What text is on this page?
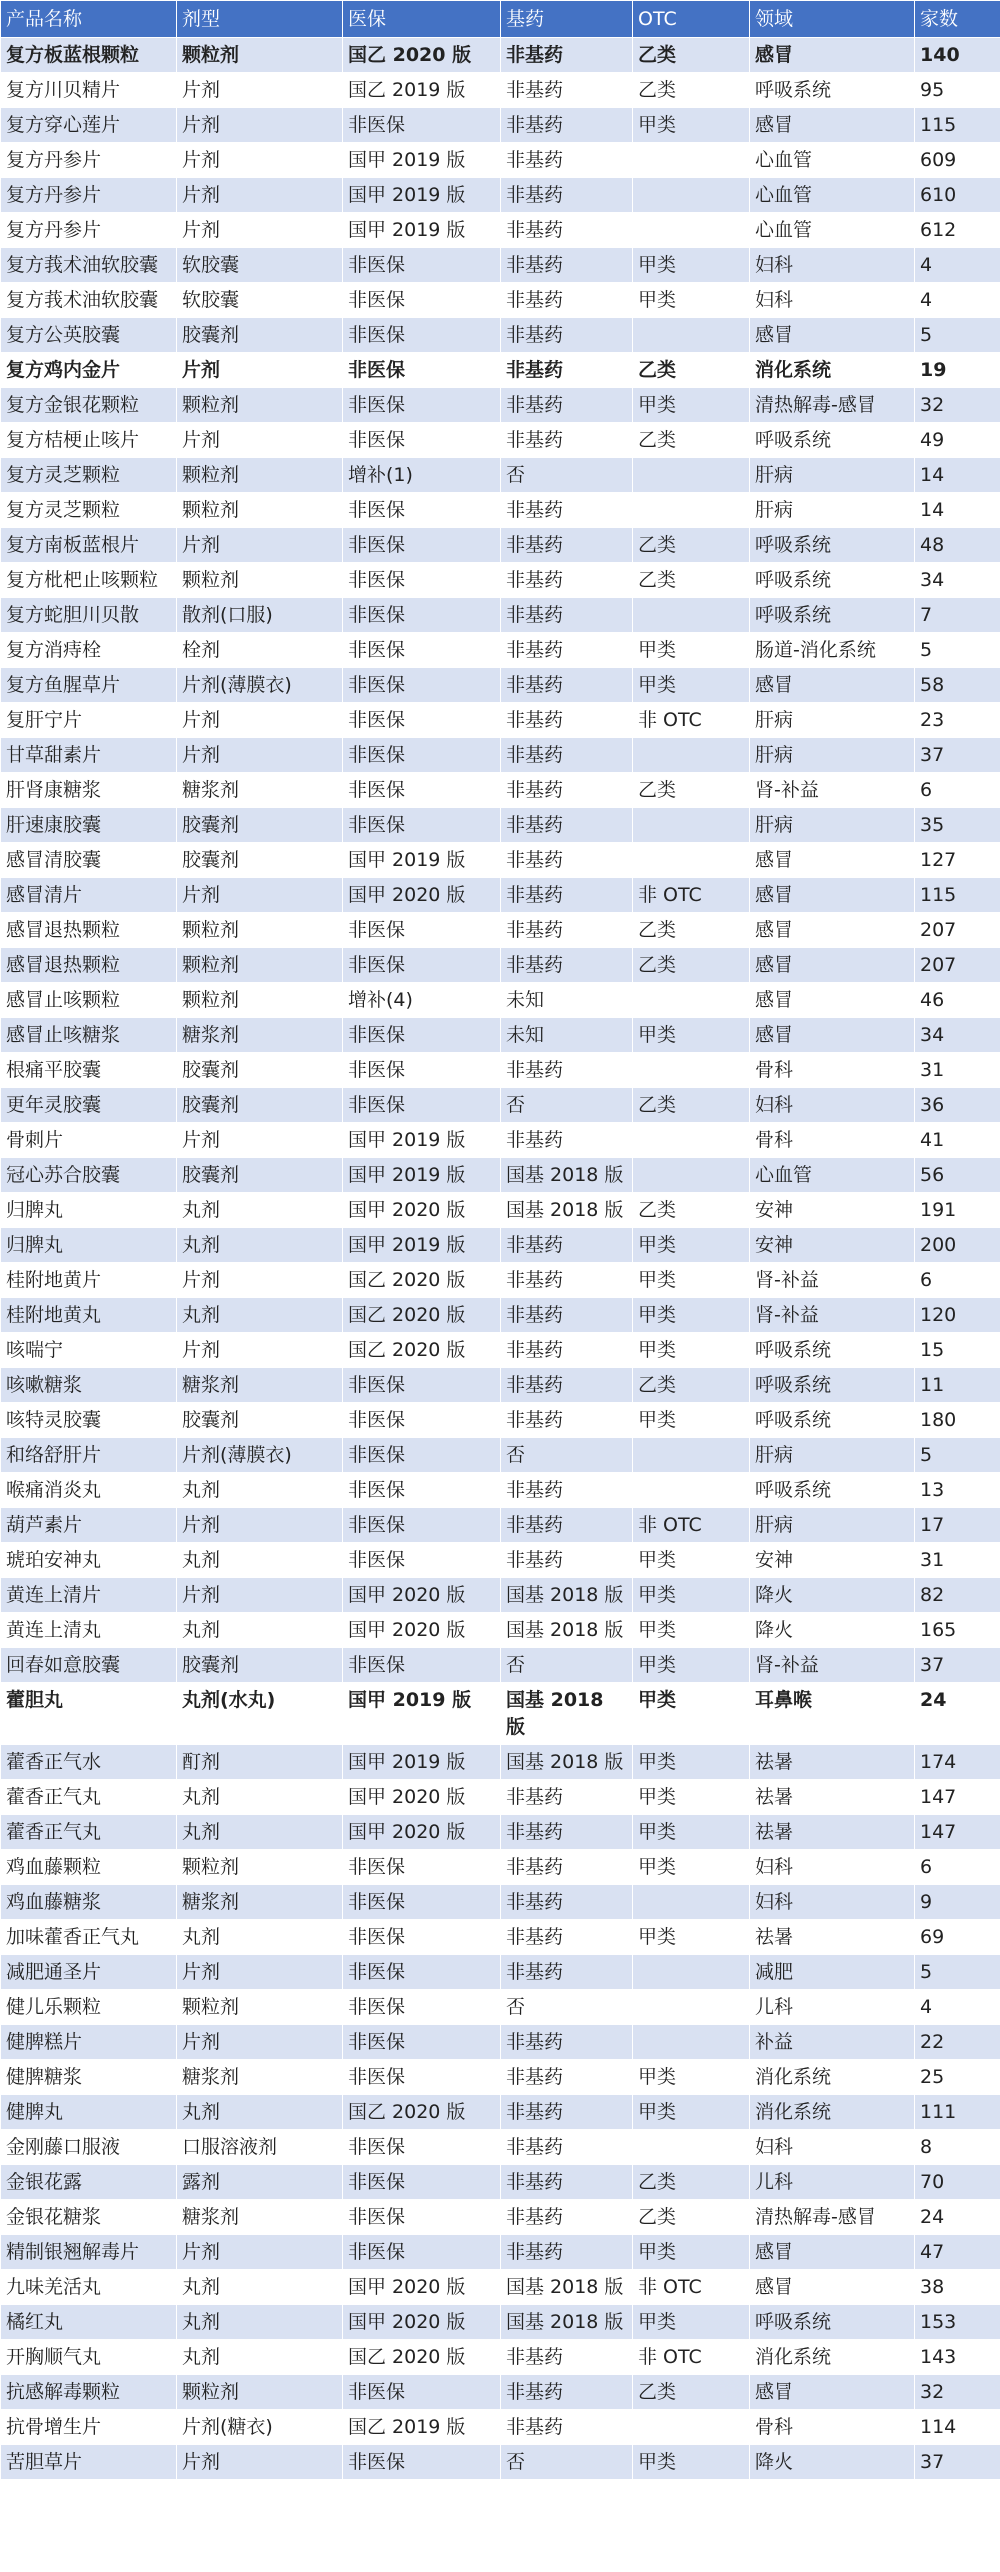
产品名称	剂型	医保	基药	OTC	领域	家数
复方板蓝根颗粒	颗粒剂	国乙 2020 版	非基药	乙类	感冒	140
复方川贝精片	片剂	国乙 2019 版	非基药	乙类	呼吸系统	95
复方穿心莲片	片剂	非医保	非基药	甲类	感冒	115
复方丹参片	片剂	国甲 2019 版	非基药		心血管	609
复方丹参片	片剂	国甲 2019 版	非基药		心血管	610
复方丹参片	片剂	国甲 2019 版	非基药		心血管	612
复方莪术油软胶囊	软胶囊	非医保	非基药	甲类	妇科	4
复方莪术油软胶囊	软胶囊	非医保	非基药	甲类	妇科	4
复方公英胶囊	胶囊剂	非医保	非基药		感冒	5
复方鸡内金片	片剂	非医保	非基药	乙类	消化系统	19
复方金银花颗粒	颗粒剂	非医保	非基药	甲类	清热解毒-感冒	32
复方桔梗止咳片	片剂	非医保	非基药	乙类	呼吸系统	49
复方灵芝颗粒	颗粒剂	增补(1)	否		肝病	14
复方灵芝颗粒	颗粒剂	非医保	非基药		肝病	14
复方南板蓝根片	片剂	非医保	非基药	乙类	呼吸系统	48
复方枇杷止咳颗粒	颗粒剂	非医保	非基药	乙类	呼吸系统	34
复方蛇胆川贝散	散剂(口服)	非医保	非基药		呼吸系统	7
复方消痔栓	栓剂	非医保	非基药	甲类	肠道-消化系统	5
复方鱼腥草片	片剂(薄膜衣)	非医保	非基药	甲类	感冒	58
复肝宁片	片剂	非医保	非基药	非 OTC	肝病	23
甘草甜素片	片剂	非医保	非基药		肝病	37
肝肾康糖浆	糖浆剂	非医保	非基药	乙类	肾-补益	6
肝速康胶囊	胶囊剂	非医保	非基药		肝病	35
感冒清胶囊	胶囊剂	国甲 2019 版	非基药		感冒	127
感冒清片	片剂	国甲 2020 版	非基药	非 OTC	感冒	115
感冒退热颗粒	颗粒剂	非医保	非基药	乙类	感冒	207
感冒退热颗粒	颗粒剂	非医保	非基药	乙类	感冒	207
感冒止咳颗粒	颗粒剂	增补(4)	未知		感冒	46
感冒止咳糖浆	糖浆剂	非医保	未知	甲类	感冒	34
根痛平胶囊	胶囊剂	非医保	非基药		骨科	31
更年灵胶囊	胶囊剂	非医保	否	乙类	妇科	36
骨刺片	片剂	国甲 2019 版	非基药		骨科	41
冠心苏合胶囊	胶囊剂	国甲 2019 版	国基 2018 版		心血管	56
归脾丸	丸剂	国甲 2020 版	国基 2018 版	乙类	安神	191
归脾丸	丸剂	国甲 2019 版	非基药	甲类	安神	200
桂附地黄片	片剂	国乙 2020 版	非基药	甲类	肾-补益	6
桂附地黄丸	丸剂	国乙 2020 版	非基药	甲类	肾-补益	120
咳喘宁	片剂	国乙 2020 版	非基药	甲类	呼吸系统	15
咳嗽糖浆	糖浆剂	非医保	非基药	乙类	呼吸系统	11
咳特灵胶囊	胶囊剂	非医保	非基药	甲类	呼吸系统	180
和络舒肝片	片剂(薄膜衣)	非医保	否		肝病	5
喉痛消炎丸	丸剂	非医保	非基药		呼吸系统	13
葫芦素片	片剂	非医保	非基药	非 OTC	肝病	17
琥珀安神丸	丸剂	非医保	非基药	甲类	安神	31
黄连上清片	片剂	国甲 2020 版	国基 2018 版	甲类	降火	82
黄连上清丸	丸剂	国甲 2020 版	国基 2018 版	甲类	降火	165
回春如意胶囊	胶囊剂	非医保	否	甲类	肾-补益	37
藿胆丸	丸剂(水丸)	国甲 2019 版	国基 2018 版	甲类	耳鼻喉	24
藿香正气水	酊剂	国甲 2019 版	国基 2018 版	甲类	祛暑	174
藿香正气丸	丸剂	国甲 2020 版	非基药	甲类	祛暑	147
藿香正气丸	丸剂	国甲 2020 版	非基药	甲类	祛暑	147
鸡血藤颗粒	颗粒剂	非医保	非基药	甲类	妇科	6
鸡血藤糖浆	糖浆剂	非医保	非基药		妇科	9
加味藿香正气丸	丸剂	非医保	非基药	甲类	祛暑	69
减肥通圣片	片剂	非医保	非基药		减肥	5
健儿乐颗粒	颗粒剂	非医保	否		儿科	4
健脾糕片	片剂	非医保	非基药		补益	22
健脾糖浆	糖浆剂	非医保	非基药	甲类	消化系统	25
健脾丸	丸剂	国乙 2020 版	非基药	甲类	消化系统	111
金刚藤口服液	口服溶液剂	非医保	非基药		妇科	8
金银花露	露剂	非医保	非基药	乙类	儿科	70
金银花糖浆	糖浆剂	非医保	非基药	乙类	清热解毒-感冒	24
精制银翘解毒片	片剂	非医保	非基药	甲类	感冒	47
九味羌活丸	丸剂	国甲 2020 版	国基 2018 版	非 OTC	感冒	38
橘红丸	丸剂	国甲 2020 版	国基 2018 版	甲类	呼吸系统	153
开胸顺气丸	丸剂	国乙 2020 版	非基药	非 OTC	消化系统	143
抗感解毒颗粒	颗粒剂	非医保	非基药	乙类	感冒	32
抗骨增生片	片剂(糖衣)	国乙 2019 版	非基药		骨科	114
苦胆草片	片剂	非医保	否	甲类	降火	37
